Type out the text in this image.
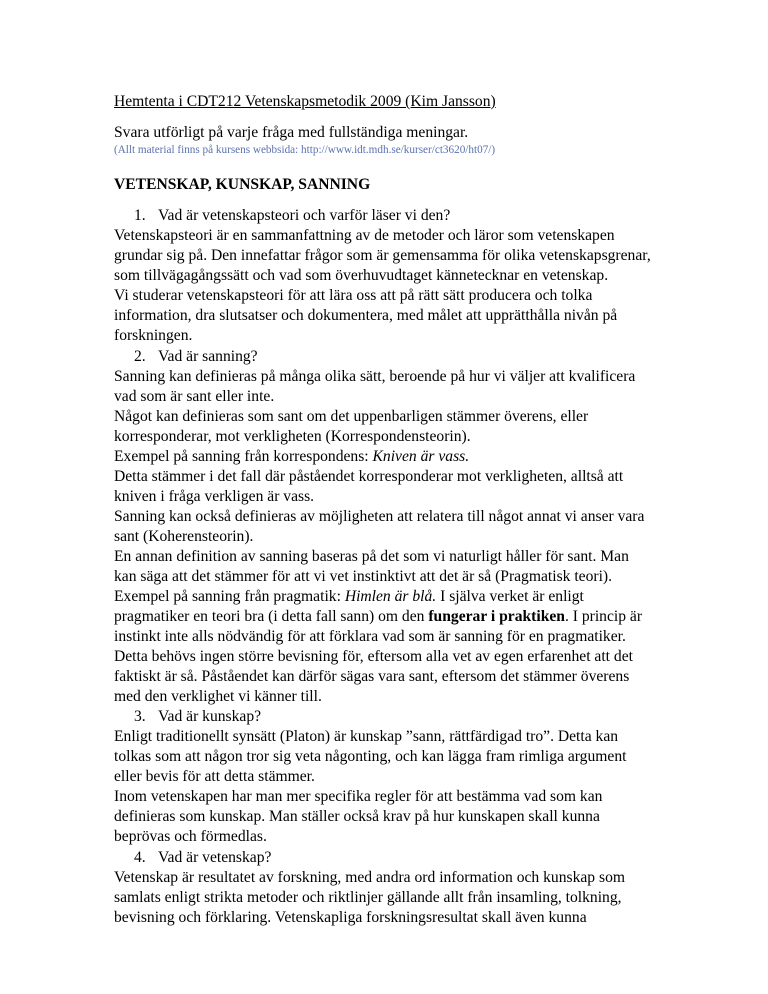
Hemtenta i CDT212 Vetenskapsmetodik 2009 (Kim Jansson)
Svara utförligt på varje fråga med fullständiga meningar.
(Allt material finns på kursens webbsida: http://www.idt.mdh.se/kurser/ct3620/ht07/)
VETENSKAP, KUNSKAP, SANNING

1. Vad är vetenskapsteori och varför läser vi den?

Vetenskapsteori är en sammanfattning av de metoder och läror som vetenskapen

grundar sig på. Den innefattar frågor som är gemensamma för olika vetenskapsgrenar,

som tillvägagångssätt och vad som överhuvudtaget kännetecknar en vetenskap.

Vi studerar vetenskapsteori för att lära oss att på rätt sätt producera och tolka

information, dra slutsatser och dokumentera, med målet att upprätthålla nivån på

forskningen.

2. Vad är sanning?

Sanning kan definieras på många olika sätt, beroende på hur vi väljer att kvalificera

vad som är sant eller inte.

Något kan definieras som sant om det uppenbarligen stämmer överens, eller

korresponderar, mot verkligheten (Korrespondensteorin).

Exempel på sanning från korrespondens: Kniven är vass.

Detta stämmer i det fall där påståendet korresponderar mot verkligheten, alltså att

kniven i fråga verkligen är vass.

Sanning kan också definieras av möjligheten att relatera till något annat vi anser vara

sant (Koherensteorin).

En annan definition av sanning baseras på det som vi naturligt håller för sant. Man

kan säga att det stämmer för att vi vet instinktivt att det är så (Pragmatisk teori).

Exempel på sanning från pragmatik: Himlen är blå. I själva verket är enligt

pragmatiker en teori bra (i detta fall sann) om den fungerar i praktiken. I princip är

instinkt inte alls nödvändig för att förklara vad som är sanning för en pragmatiker.

Detta behövs ingen större bevisning för, eftersom alla vet av egen erfarenhet att det

faktiskt är så. Påståendet kan därför sägas vara sant, eftersom det stämmer överens

med den verklighet vi känner till.

3. Vad är kunskap?

Enligt traditionellt synsätt (Platon) är kunskap ”sann, rättfärdigad tro”. Detta kan

tolkas som att någon tror sig veta någonting, och kan lägga fram rimliga argument

eller bevis för att detta stämmer.

Inom vetenskapen har man mer specifika regler för att bestämma vad som kan

definieras som kunskap. Man ställer också krav på hur kunskapen skall kunna

beprövas och förmedlas.

4. Vad är vetenskap?

Vetenskap är resultatet av forskning, med andra ord information och kunskap som

samlats enligt strikta metoder och riktlinjer gällande allt från insamling, tolkning,

bevisning och förklaring. Vetenskapliga forskningsresultat skall även kunna
